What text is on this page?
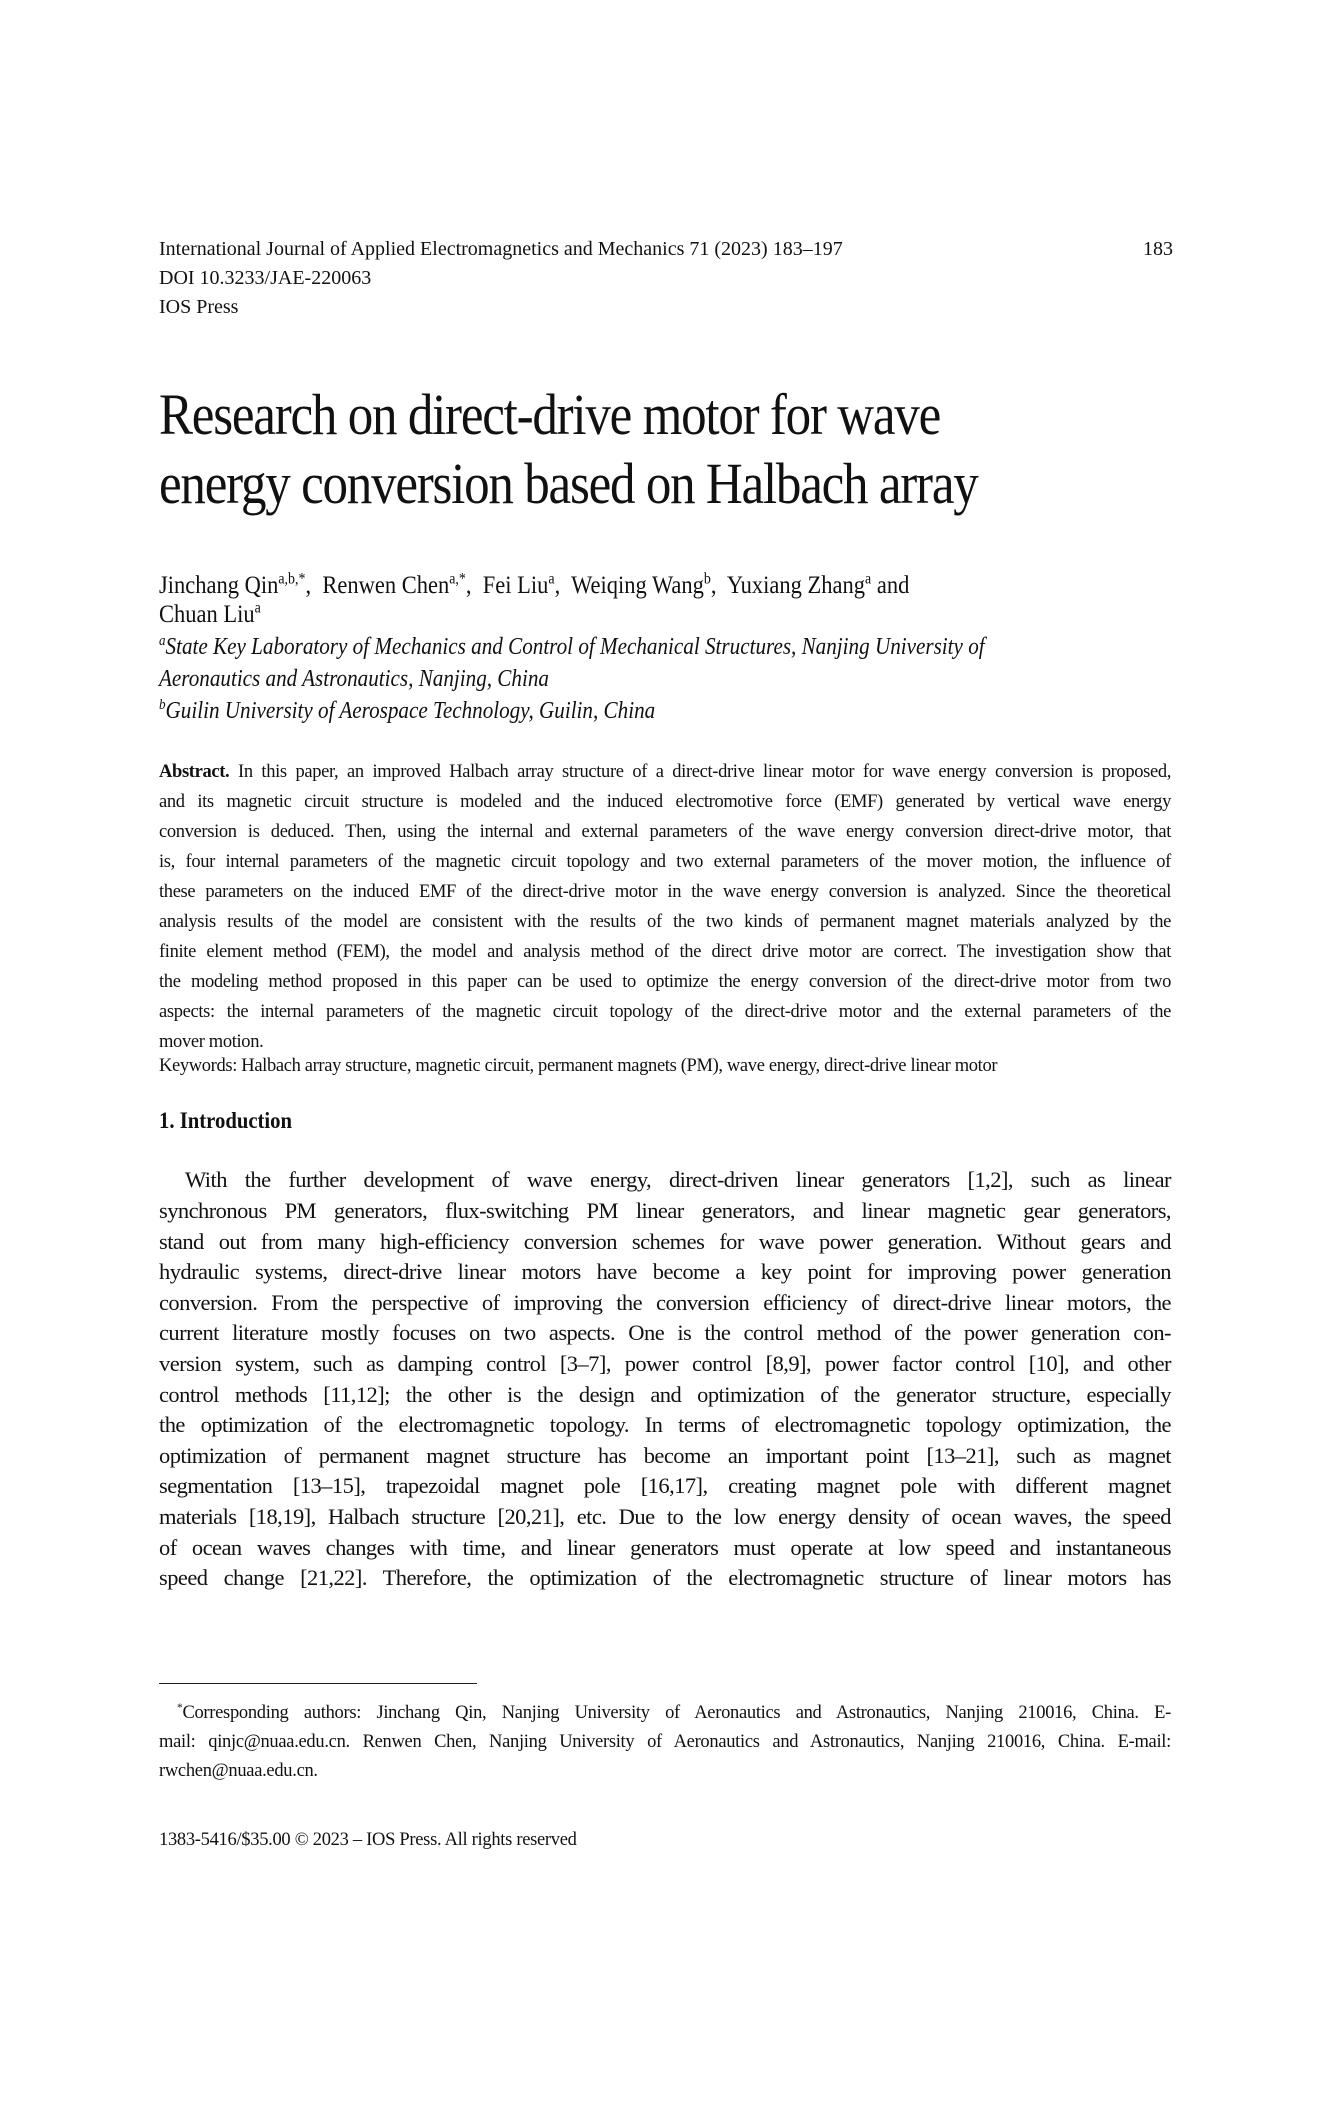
International Journal of Applied Electromagnetics and Mechanics 71 (2023) 183–197
DOI 10.3233/JAE-220063
IOS Press
183
Research on direct-drive motor for wave
energy conversion based on Halbach array
Jinchang Qin$^{a,b,*}$, Renwen Chen$^{a,*}$, Fei Liu$^a$, Weiqing Wang$^b$, Yuxiang Zhang$^a$ and
Chuan Liu$^a$
$^a$State Key Laboratory of Mechanics and Control of Mechanical Structures, Nanjing University of
Aeronautics and Astronautics, Nanjing, China
$^b$Guilin University of Aerospace Technology, Guilin, China
Abstract. In this paper, an improved Halbach array structure of a direct-drive linear motor for wave energy conversion is proposed,
and its magnetic circuit structure is modeled and the induced electromotive force (EMF) generated by vertical wave energy
conversion is deduced. Then, using the internal and external parameters of the wave energy conversion direct-drive motor, that
is, four internal parameters of the magnetic circuit topology and two external parameters of the mover motion, the influence of
these parameters on the induced EMF of the direct-drive motor in the wave energy conversion is analyzed. Since the theoretical
analysis results of the model are consistent with the results of the two kinds of permanent magnet materials analyzed by the
finite element method (FEM), the model and analysis method of the direct drive motor are correct. The investigation show that
the modeling method proposed in this paper can be used to optimize the energy conversion of the direct-drive motor from two
aspects: the internal parameters of the magnetic circuit topology of the direct-drive motor and the external parameters of the
mover motion.
Keywords: Halbach array structure, magnetic circuit, permanent magnets (PM), wave energy, direct-drive linear motor
1. Introduction
With the further development of wave energy, direct-driven linear generators [1,2], such as linear
synchronous PM generators, flux-switching PM linear generators, and linear magnetic gear generators,
stand out from many high-efficiency conversion schemes for wave power generation. Without gears and
hydraulic systems, direct-drive linear motors have become a key point for improving power generation
conversion. From the perspective of improving the conversion efficiency of direct-drive linear motors, the
current literature mostly focuses on two aspects. One is the control method of the power generation con-
version system, such as damping control [3–7], power control [8,9], power factor control [10], and other
control methods [11,12]; the other is the design and optimization of the generator structure, especially
the optimization of the electromagnetic topology. In terms of electromagnetic topology optimization, the
optimization of permanent magnet structure has become an important point [13–21], such as magnet
segmentation [13–15], trapezoidal magnet pole [16,17], creating magnet pole with different magnet
materials [18,19], Halbach structure [20,21], etc. Due to the low energy density of ocean waves, the speed
of ocean waves changes with time, and linear generators must operate at low speed and instantaneous
speed change [21,22]. Therefore, the optimization of the electromagnetic structure of linear motors has
*Corresponding authors: Jinchang Qin, Nanjing University of Aeronautics and Astronautics, Nanjing 210016, China. E-
mail: qinjc@nuaa.edu.cn. Renwen Chen, Nanjing University of Aeronautics and Astronautics, Nanjing 210016, China. E-mail:
rwchen@nuaa.edu.cn.
1383-5416/$35.00 © 2023 – IOS Press. All rights reserved
